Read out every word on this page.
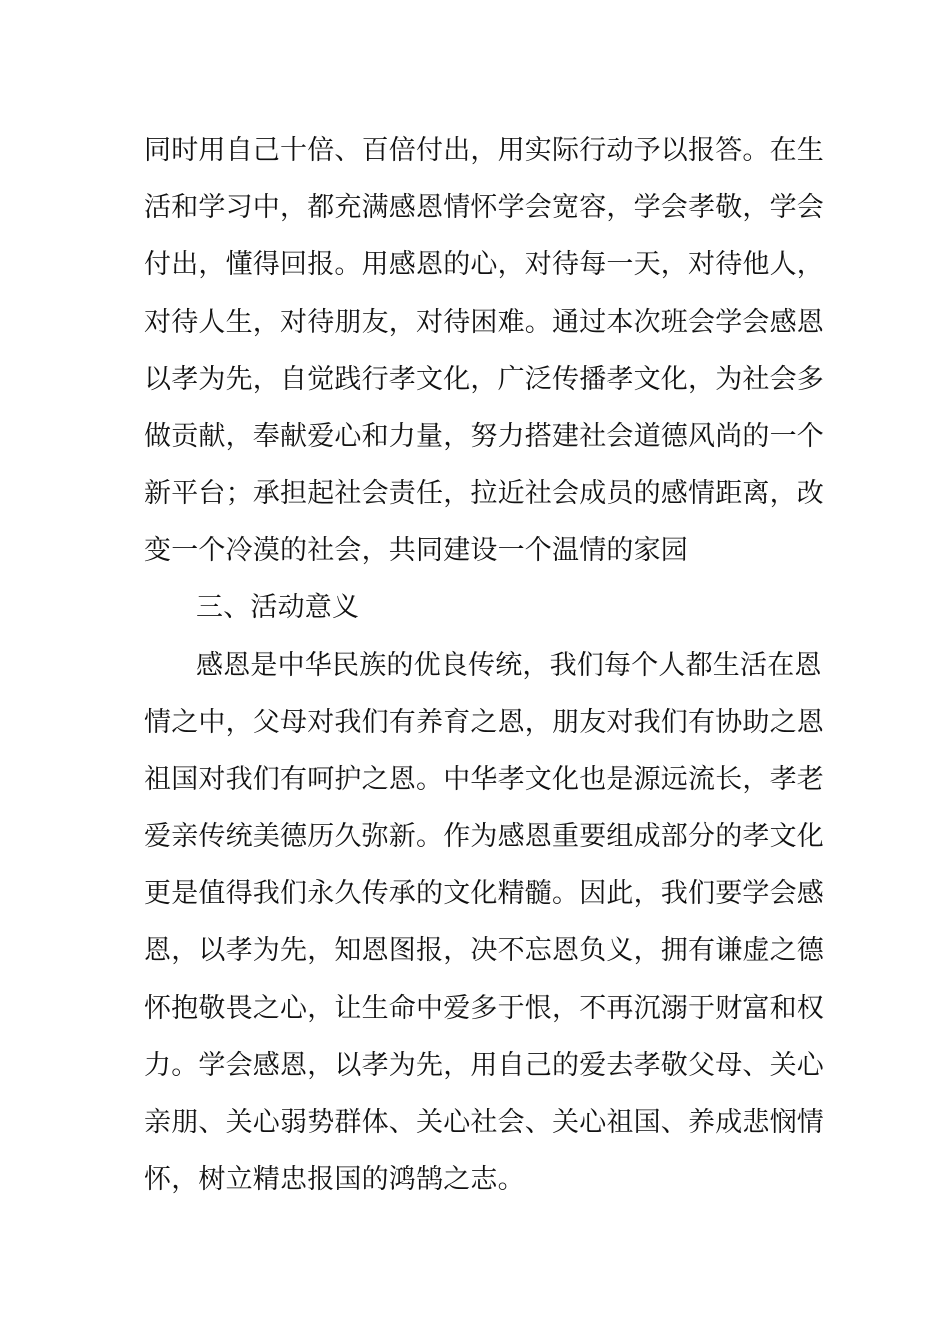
同时用自己十倍、百倍付出，用实际行动予以报答。在生
活和学习中，都充满感恩情怀学会宽容，学会孝敬，学会
付出，懂得回报。用感恩的心，对待每一天，对待他人，
对待人生，对待朋友，对待困难。通过本次班会学会感恩
以孝为先，自觉践行孝文化，广泛传播孝文化，为社会多
做贡献，奉献爱心和力量，努力搭建社会道德风尚的一个
新平台；承担起社会责任，拉近社会成员的感情距离，改
变一个冷漠的社会，共同建设一个温情的家园
三、活动意义
感恩是中华民族的优良传统，我们每个人都生活在恩
情之中，父母对我们有养育之恩，朋友对我们有协助之恩
祖国对我们有呵护之恩。中华孝文化也是源远流长，孝老
爱亲传统美德历久弥新。作为感恩重要组成部分的孝文化
更是值得我们永久传承的文化精髓。因此，我们要学会感
恩，以孝为先，知恩图报，决不忘恩负义，拥有谦虚之德
怀抱敬畏之心，让生命中爱多于恨，不再沉溺于财富和权
力。学会感恩，以孝为先，用自己的爱去孝敬父母、关心
亲朋、关心弱势群体、关心社会、关心祖国、养成悲悯情
怀，树立精忠报国的鸿鹄之志。
